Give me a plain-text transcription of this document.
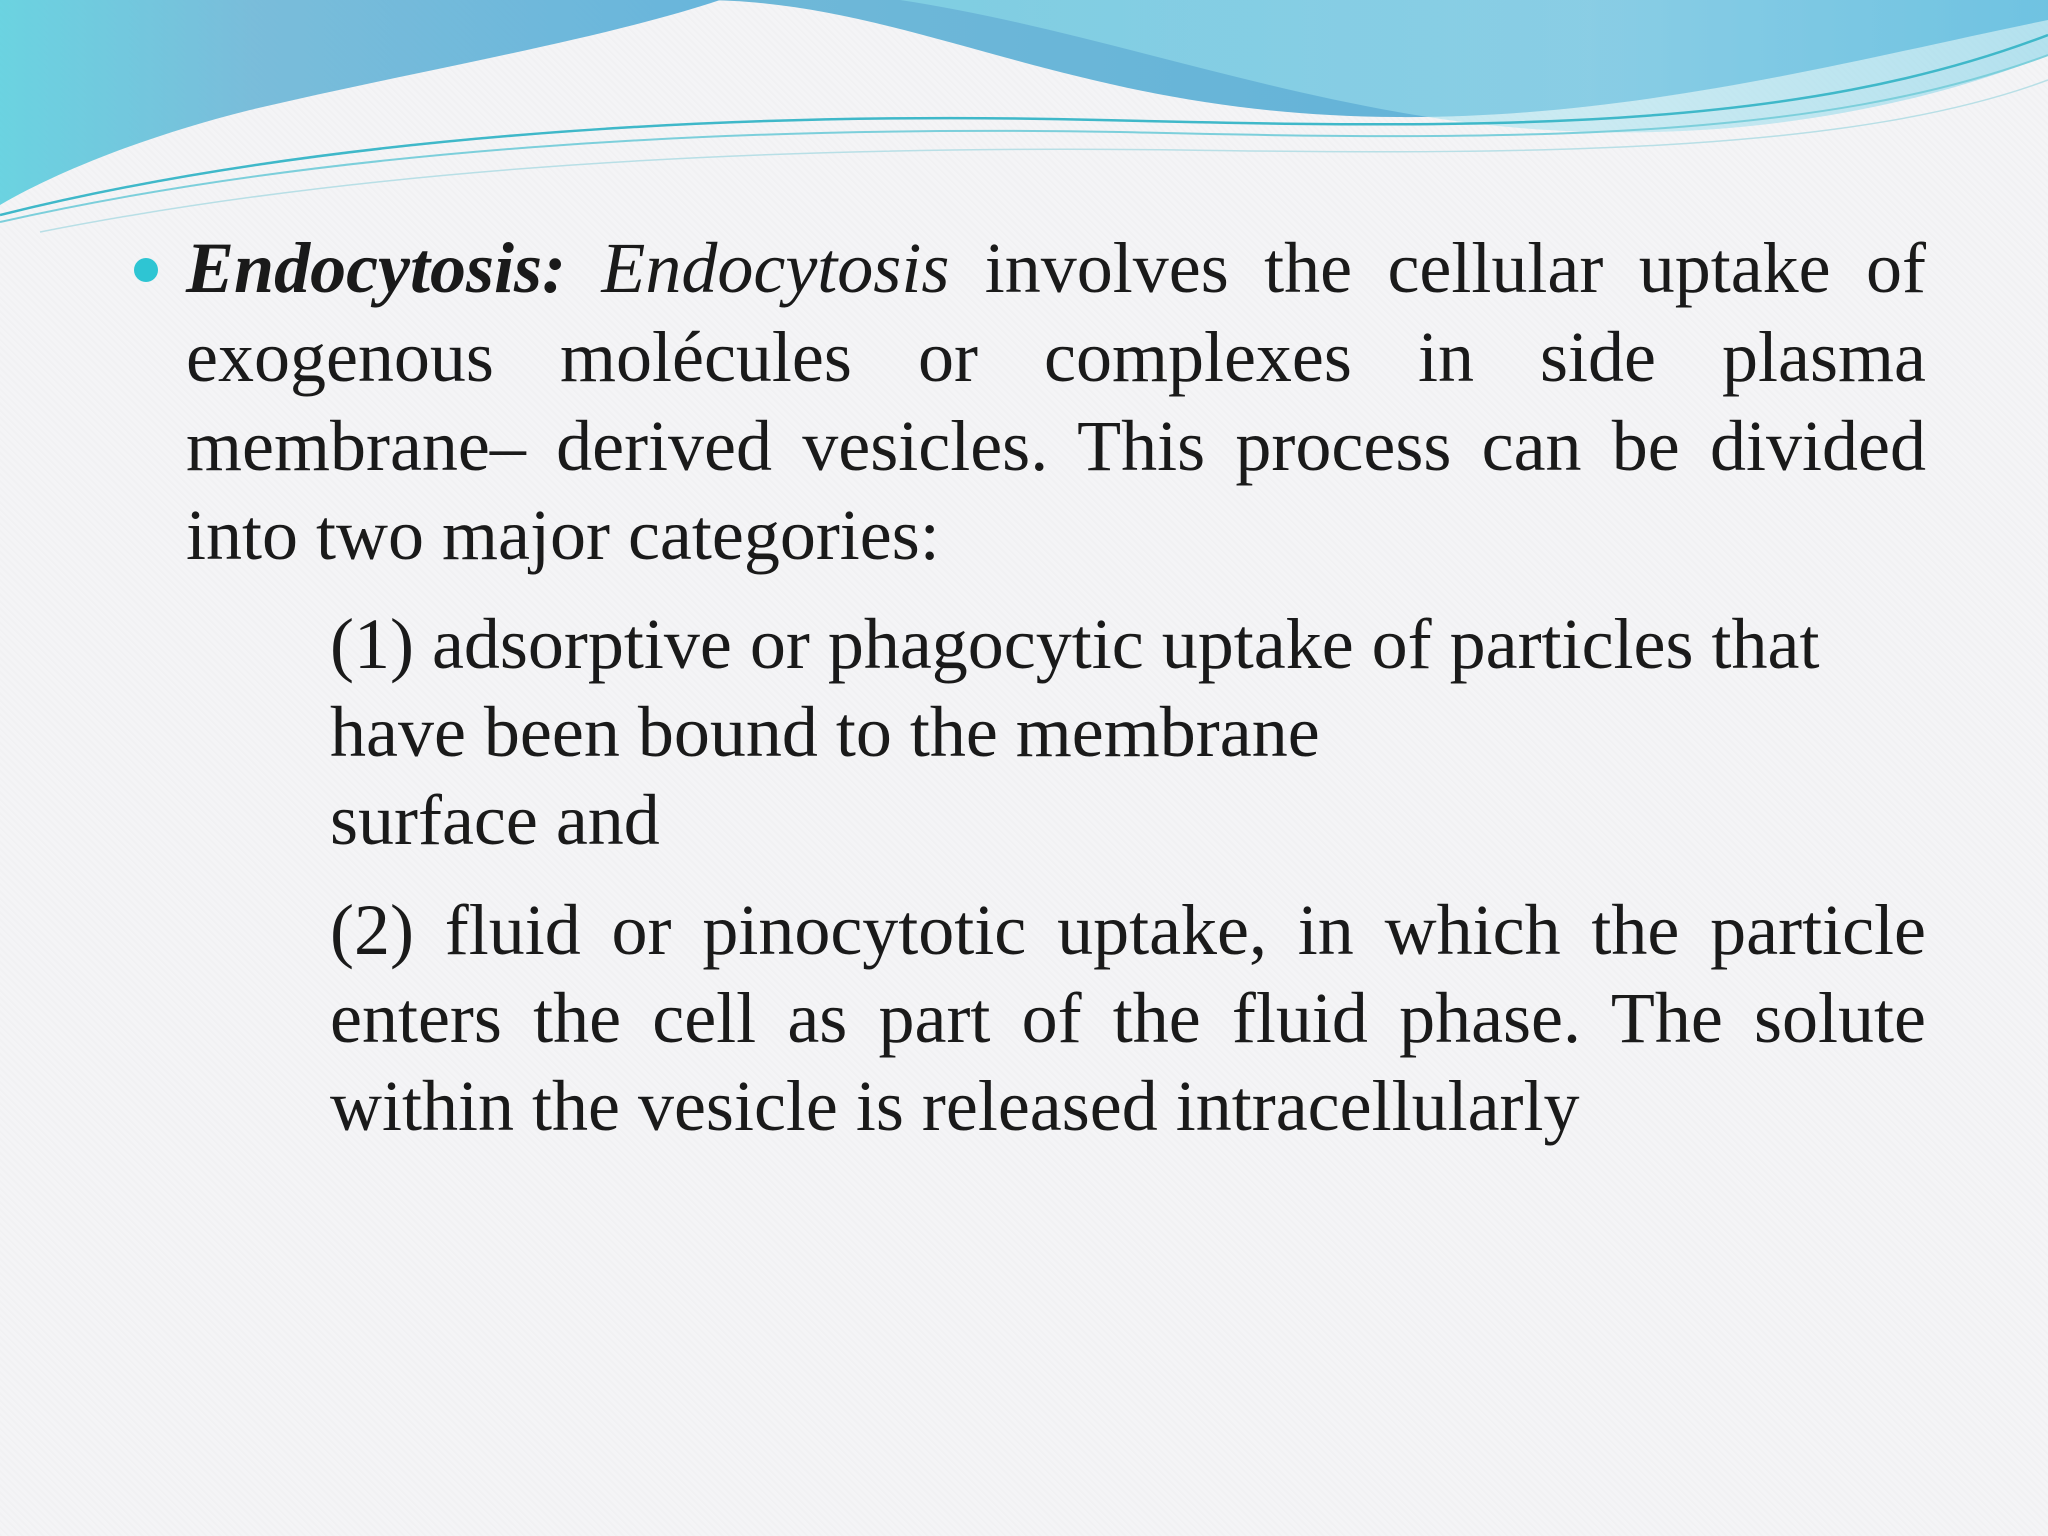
Endocytosis: Endocytosis involves the cellular uptake of exogenous molécules or complexes in side plasma membrane– derived vesicles. This process can be divided into two major categories:
(1) adsorptive or phagocytic uptake of particles that have been bound to the membrane
surface and
(2) fluid or pinocytotic uptake, in which the particle enters the cell as part of the fluid phase. The solute within the vesicle is released intracellularly
